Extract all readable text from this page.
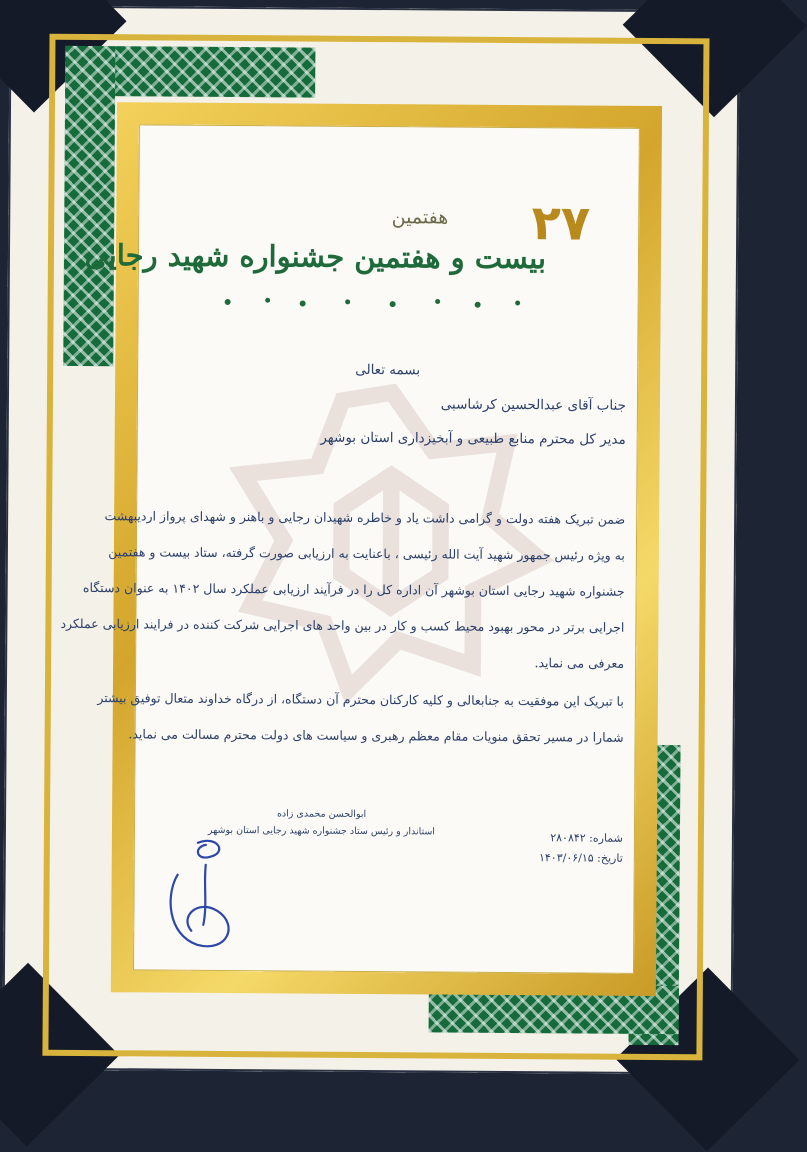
۲۷
هفتمین
بیست و هفتمین جشنواره شهید رجایی
بسمه تعالی
جناب آقای عبدالحسین کرشاسبی
مدیر کل محترم منابع طبیعی و آبخیزداری استان بوشهر
ضمن تبریک هفته دولت و گرامی داشت یاد و خاطره شهیدان رجایی و باهنر و شهدای پرواز اردیبهشت
به ویژه رئیس جمهور شهید آیت الله رئیسی ، باعنایت به ارزیابی صورت گرفته، ستاد بیست و هفتمین
جشنواره شهید رجایی استان بوشهر آن اداره کل را در فرآیند ارزیابی عملکرد سال ۱۴۰۲ به عنوان دستگاه
اجرایی برتر در محور بهبود محیط کسب و کار در بین واحد های اجرایی شرکت کننده در فرایند ارزیابی عملکرد
معرفی می نماید.
با تبریک این موفقیت به جنابعالی و کلیه کارکنان محترم آن دستگاه، از درگاه خداوند متعال توفیق بیشتر
شمارا در مسیر تحقق منویات مقام معظم رهبری و سیاست های دولت محترم مسالت می نماید.
ابوالحسن محمدی زاده
استاندار و رئیس ستاد جشنواره شهید رجایی استان بوشهر
شماره: ۲۸۰۸۴۲
تاریخ: ۱۴۰۳/۰۶/۱۵
